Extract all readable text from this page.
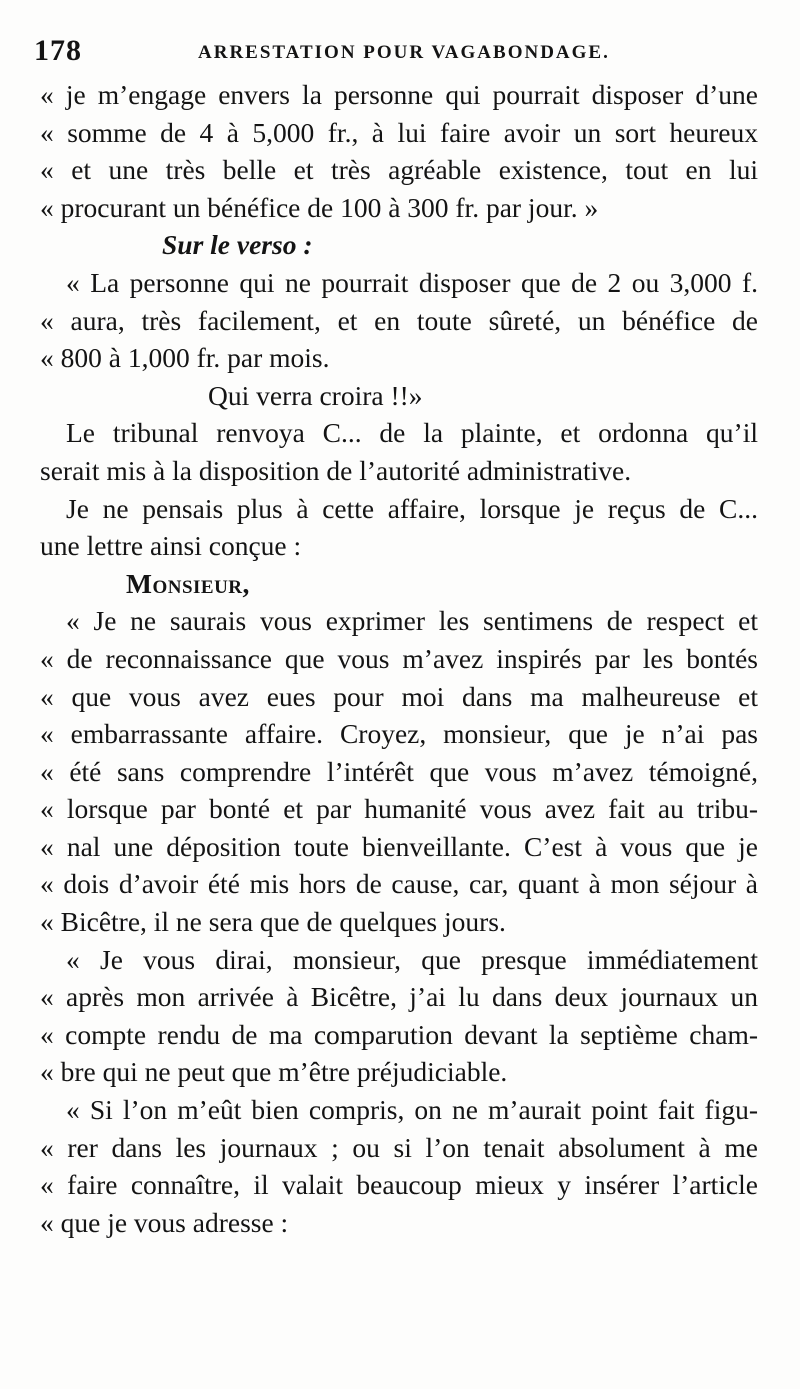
178	ARRESTATION POUR VAGABONDAGE.
« je m’engage envers la personne qui pourrait disposer d’une
« somme de 4 à 5,000 fr., à lui faire avoir un sort heureux
« et une très belle et très agréable existence, tout en lui
« procurant un bénéfice de 100 à 300 fr. par jour. »
Sur le verso :
« La personne qui ne pourrait disposer que de 2 ou 3,000 f.
« aura, très facilement, et en toute sûreté, un bénéfice de
« 800 à 1,000 fr. par mois.
Qui verra croira !!»
Le tribunal renvoya C... de la plainte, et ordonna qu’il
serait mis à la disposition de l’autorité administrative.
Je ne pensais plus à cette affaire, lorsque je reçus de C...
une lettre ainsi conçue :
Monsieur,
« Je ne saurais vous exprimer les sentimens de respect et
« de reconnaissance que vous m’avez inspirés par les bontés
« que vous avez eues pour moi dans ma malheureuse et
« embarrassante affaire. Croyez, monsieur, que je n’ai pas
« été sans comprendre l’intérêt que vous m’avez témoigné,
« lorsque par bonté et par humanité vous avez fait au tribu-
« nal une déposition toute bienveillante. C’est à vous que je
« dois d’avoir été mis hors de cause, car, quant à mon séjour à
« Bicêtre, il ne sera que de quelques jours.
« Je vous dirai, monsieur, que presque immédiatement
« après mon arrivée à Bicêtre, j’ai lu dans deux journaux un
« compte rendu de ma comparution devant la septième cham-
« bre qui ne peut que m’être préjudiciable.
« Si l’on m’eût bien compris, on ne m’aurait point fait figu-
« rer dans les journaux ; ou si l’on tenait absolument à me
« faire connaître, il valait beaucoup mieux y insérer l’article
« que je vous adresse :
